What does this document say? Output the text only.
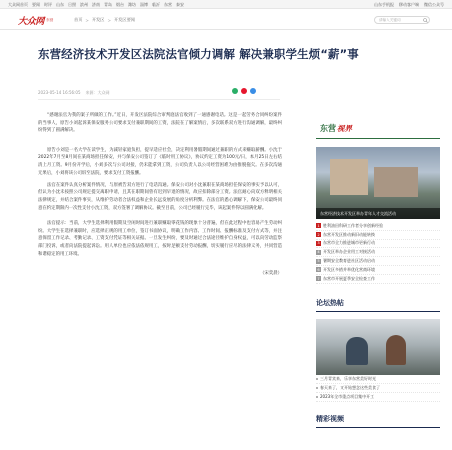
大众网首页 要闻 时评 山东 日照 滨州 济南 青岛 烟台 潍坊 淄博 临沂 东营 泰安	山东手机报 移动客户端 微信公众号
大众网 东营	首页 > 开发区 > 开发区要闻	请输入关键词
东营经济技术开发区法院法官倾力调解 解决兼职学生烦“薪”事
2023-05-14 16:56:05 来源：大众网

“感谢法官为我的案子所做的工作。”近日，开发区法院综合审判庭法官收到了一通感谢电话。这是一起劳务合同纠纷案件的当事人，原告小刘起诉某保安服务公司要求支付兼职期间的工资，法院在了解案情后，多次联系双方进行沟通调解，最终纠纷得到了圆满解决。

原告小刘是一名大学在读学生，为减轻家庭负担，提早适应社会，决定利用暑假期间通过兼职的方式来赚取薪酬。小沈于2022年7月至8月间在某商场担任保安，并与保安公司签订了《临时用工协议》，协议约定工资为100元/日，本月25日左右结清上月工资。9月份开学后，小刘多次与公司对接，仍未能拿到工资，公司负责人以公司经营困难为由推脱拖欠。在多次沟通无果后，小刘将该公司诉至法院，要求支付工资报酬。

法官在案件认真分析案件情况，与原被告双方进行了电话沟通。保安公司对小沈兼职在某商场担任保安的事实予以认可，但认为小沈未按照公司规定提交离职申请，且其在职期间曾有迟到早退的情况，故应扣除部分工资。法官耐心向双方释明相关法律规定，并结合案件事实，从维护劳动者合法权益和企业长远发展的角度分析利弊。在法官的悉心调解下，保安公司最终同意在约定期限内一次性支付小沈工资，双方签署了调解协议。截至目前，公司已经履行完毕，该起案件得以圆满化解。

法官提示：当前，大学生选择利用假期及空闲时间进行兼职赚取零花钱的现象十分普遍，但在此过程中也容易产生劳动纠纷。大学生在选择兼职时，应选择正规的用工单位，签订书面协议，明确工作内容、工作时间、报酬标准及支付方式等，并注意保留工作记录、考勤记录、工资支付凭证等相关证据。一旦发生纠纷，要及时通过合法途径维护自身权益，可以向劳动监察部门投诉，或者向法院提起诉讼。用人单位也应依法依规用工，按时足额支付劳动报酬，切实履行应尽的法律义务，共同营造和谐稳定的用工环境。

（宋奕晨）

东营 视界
东营经济技术开发区举办青年人才交流活动
1 胜利油田科研工作者分享创新经验
2 东营开发区推动新旧动能转换
3 东营市全力推进城市更新行动
4 开发区举办企业用工对接活动
5 暑期安全教育进社区活动启动
6 开发区多措并举优化营商环境
7 东营市开展夏季安全检查工作
论坛热帖
三月青宾来，乐享东营美好时光
春天来了，又开始想念这些美食了
2023年全市重点项目集中开工
精彩视频
